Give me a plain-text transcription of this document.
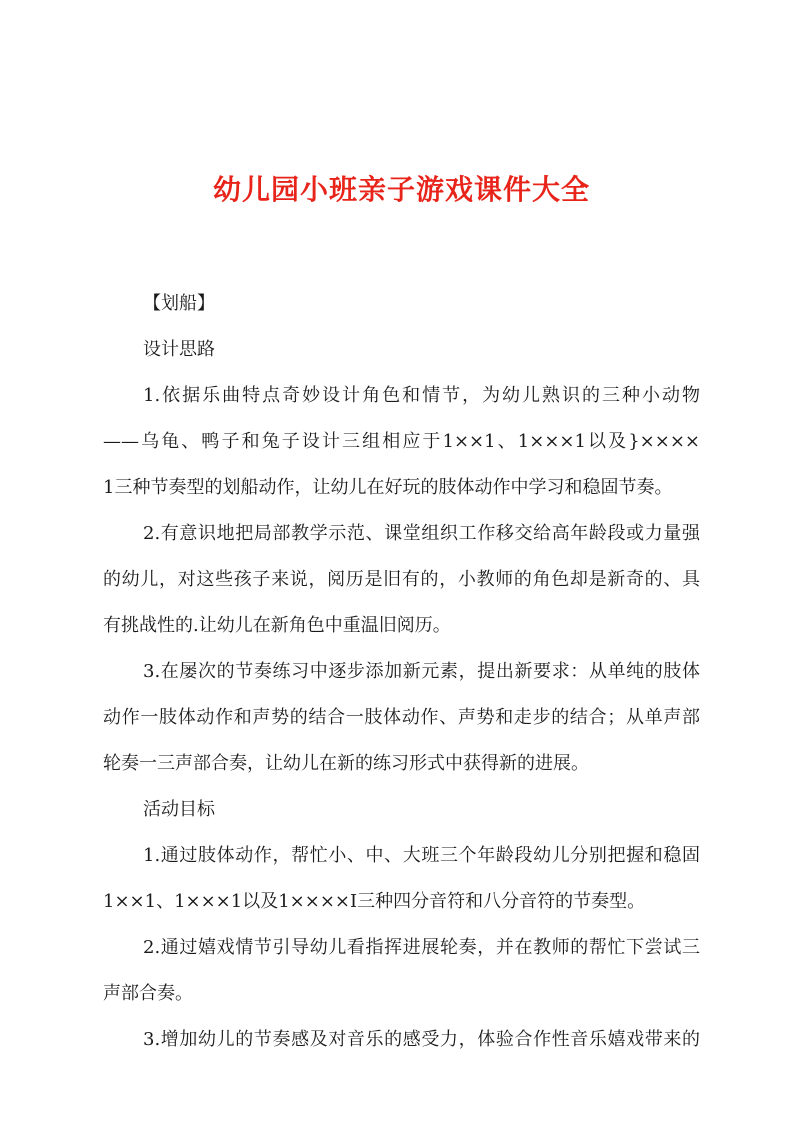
幼儿园小班亲子游戏课件大全
【划船】
设计思路
1.依据乐曲特点奇妙设计角色和情节，为幼儿熟识的三种小动物
——乌龟、鸭子和兔子设计三组相应于1××1、1×××1以及}××××
1三种节奏型的划船动作，让幼儿在好玩的肢体动作中学习和稳固节奏。
2.有意识地把局部教学示范、课堂组织工作移交给高年龄段或力量强
的幼儿，对这些孩子来说，阅历是旧有的，小教师的角色却是新奇的、具
有挑战性的.让幼儿在新角色中重温旧阅历。
3.在屡次的节奏练习中逐步添加新元素，提出新要求：从单纯的肢体
动作一肢体动作和声势的结合一肢体动作、声势和走步的结合；从单声部
轮奏一三声部合奏，让幼儿在新的练习形式中获得新的进展。
活动目标
1.通过肢体动作，帮忙小、中、大班三个年龄段幼儿分别把握和稳固
1××1、1×××1以及1××××I三种四分音符和八分音符的节奏型。
2.通过嬉戏情节引导幼儿看指挥进展轮奏，并在教师的帮忙下尝试三
声部合奏。
3.增加幼儿的节奏感及对音乐的感受力，体验合作性音乐嬉戏带来的
